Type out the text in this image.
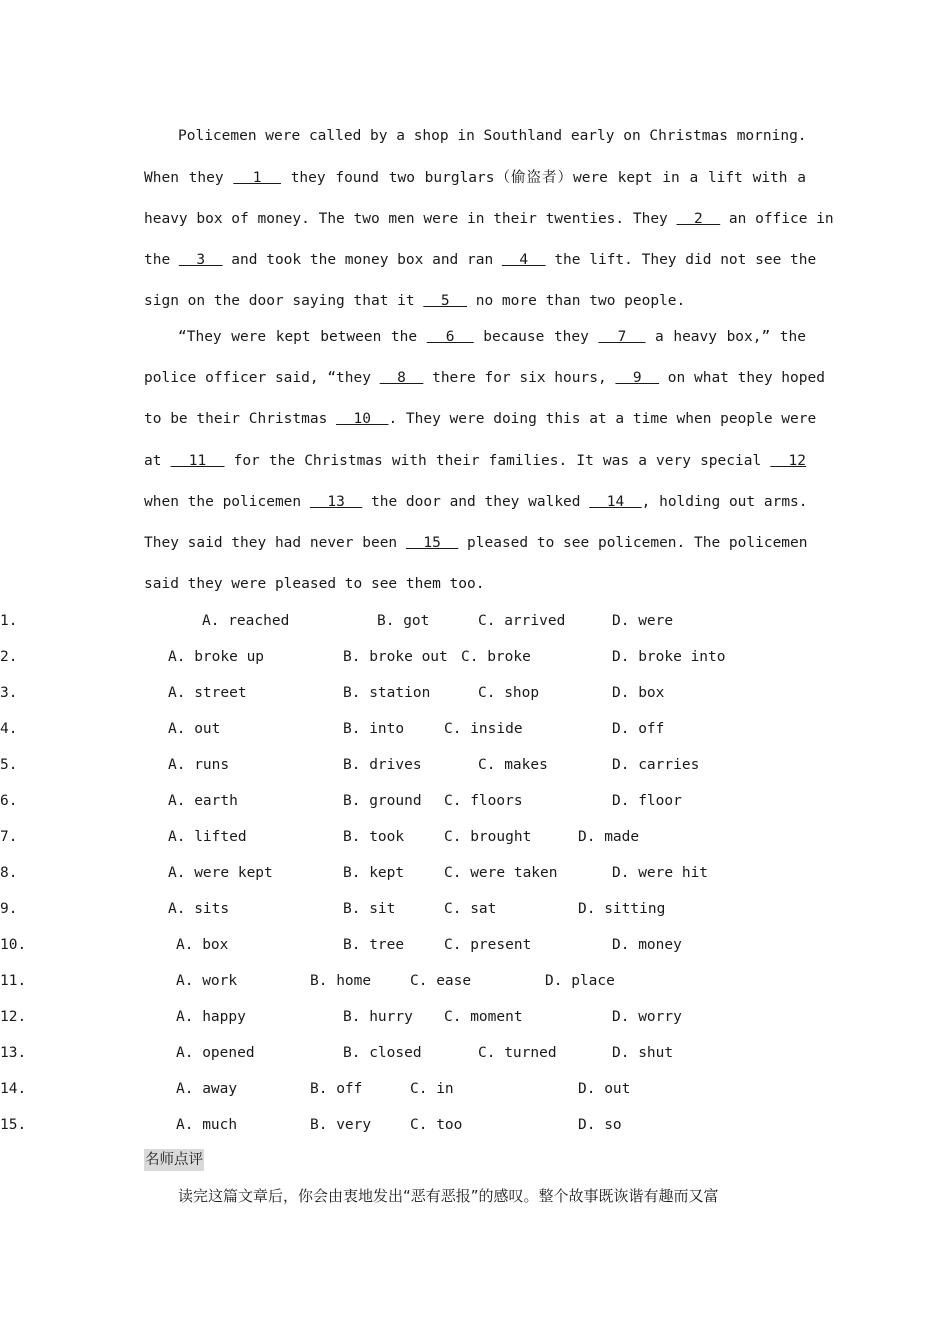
Policemen were called by a shop in Southland early on Christmas morning.
When they   1   they found two burglars（偷盗者）were kept in a lift with a
heavy box of money. The two men were in their twenties. They   2   an office in
the   3   and took the money box and ran   4   the lift. They did not see the
sign on the door saying that it   5   no more than two people.
“They were kept between the   6   because they   7   a heavy box,” the
police officer said, “they   8   there for six hours,   9   on what they hoped
to be their Christmas   10  . They were doing this at a time when people were
at   11   for the Christmas with their families. It was a very special   12
when the policemen   13   the door and they walked   14  , holding out arms.
They said they had never been   15   pleased to see policemen. The policemen
said they were pleased to see them too.
1.	A. reached	B. got	C. arrived	D. were
2.	A. broke up	B. broke out C. broke	D. broke into
3.	A. street	B. station	C. shop	D. box
4.	A. out	B. into	C. inside	D. off
5.	A. runs	B. drives	C. makes	D. carries
6.	A. earth	B. ground C. floors	D. floor
7.	A. lifted	B. took	C. brought	D. made
8.	A. were kept	B. kept	C. were taken	D. were hit
9.	A. sits	B. sit	C. sat	D. sitting
10.	A. box	B. tree	C. present	D. money
11.	A. work	B. home	C. ease	D. place
12.	A. happy	B. hurry C. moment	D. worry
13.	A. opened	B. closed	C. turned	D. shut
14.	A. away	B. off	C. in	D. out
15.	A. much	B. very	C. too	D. so
名师点评
读完这篇文章后，你会由衷地发出“恶有恶报”的感叹。整个故事既诙谐有趣而又富
